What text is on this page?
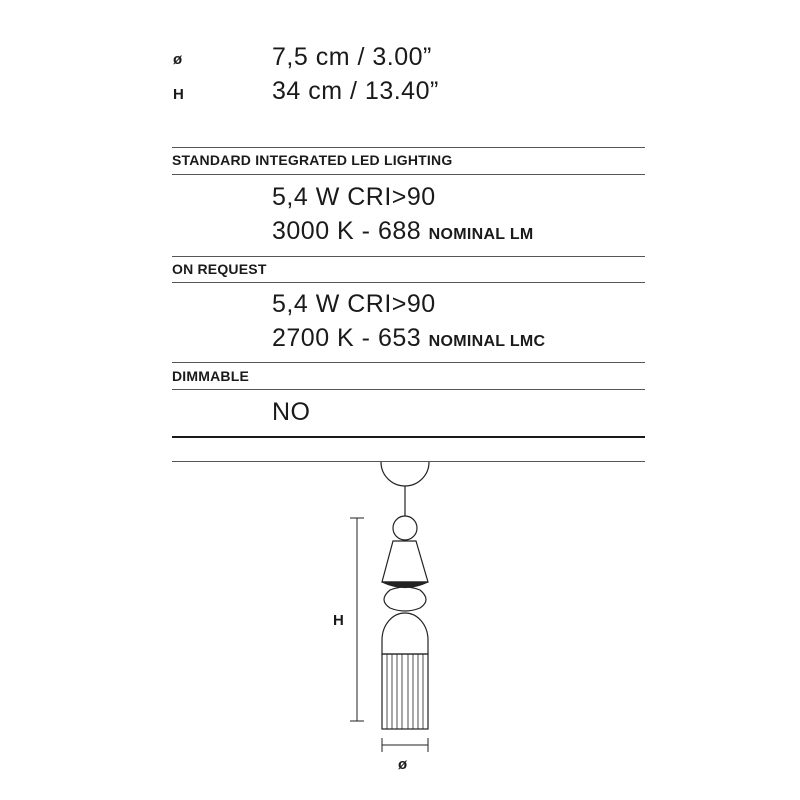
ø	7,5 cm / 3.00”
H	34 cm / 13.40”
STANDARD INTEGRATED LED LIGHTING
5,4 W CRI>90
3000 K - 688 NOMINAL LM
ON REQUEST
5,4 W CRI>90
2700 K - 653 NOMINAL LMC
DIMMABLE
NO
H
ø
